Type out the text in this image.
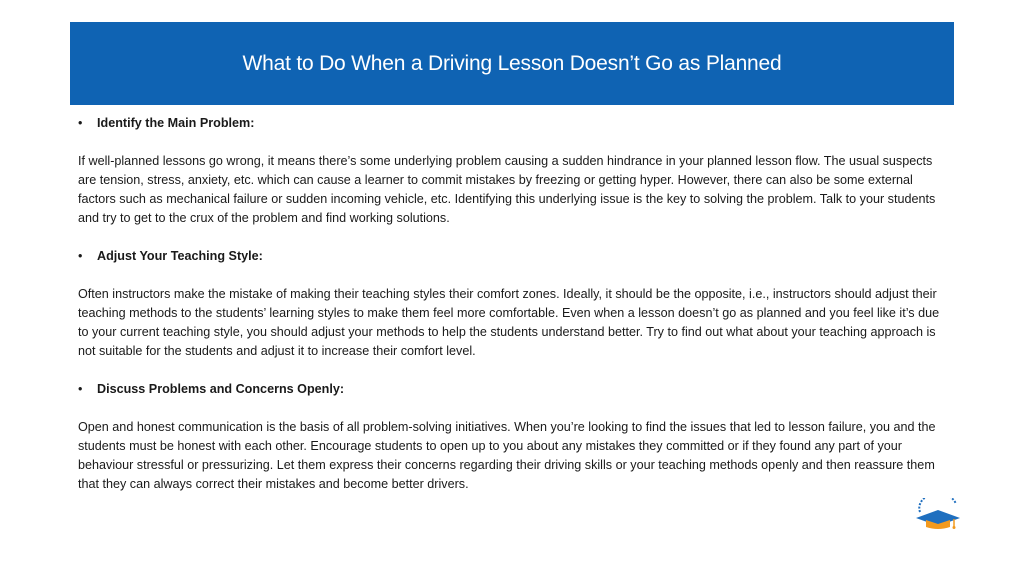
What to Do When a Driving Lesson Doesn’t Go as Planned
•	Identify the Main Problem:

If well-planned lessons go wrong, it means there’s some underlying problem causing a sudden hindrance in your planned lesson flow. The usual suspects are tension, stress, anxiety, etc. which can cause a learner to commit mistakes by freezing or getting hyper. However, there can also be some external factors such as mechanical failure or sudden incoming vehicle, etc. Identifying this underlying issue is the key to solving the problem. Talk to your students and try to get to the crux of the problem and find working solutions.

•	Adjust Your Teaching Style:

Often instructors make the mistake of making their teaching styles their comfort zones. Ideally, it should be the opposite, i.e., instructors should adjust their teaching methods to the students’ learning styles to make them feel more comfortable. Even when a lesson doesn’t go as planned and you feel like it’s due to your current teaching style, you should adjust your methods to help the students understand better. Try to find out what about your teaching approach is not suitable for the students and adjust it to increase their comfort level.

•	Discuss Problems and Concerns Openly:

Open and honest communication is the basis of all problem-solving initiatives. When you’re looking to find the issues that led to lesson failure, you and the students must be honest with each other. Encourage students to open up to you about any mistakes they committed or if they found any part of your behaviour stressful or pressurizing. Let them express their concerns regarding their driving skills or your teaching methods openly and then reassure them that they can always correct their mistakes and become better drivers.
